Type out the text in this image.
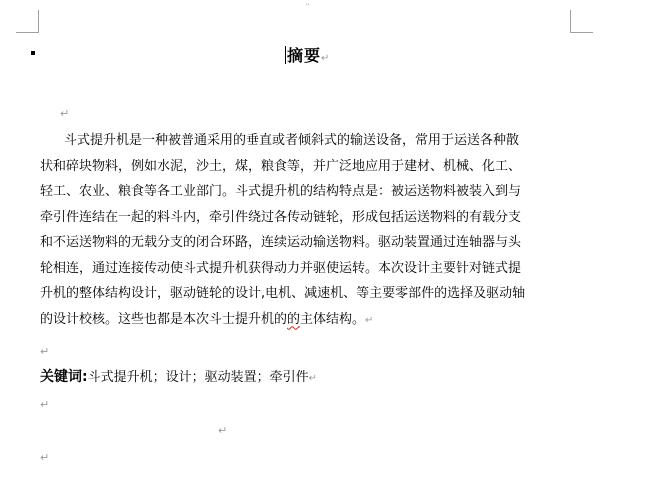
''
摘要↵
↵
斗式提升机是一种被普通采用的垂直或者倾斜式的输送设备，常用于运送各种散
状和碎块物料，例如水泥，沙土，煤，粮食等，并广泛地应用于建材、机械、化工、
轻工、农业、粮食等各工业部门。斗式提升机的结构特点是：被运送物料被装入到与
牵引件连结在一起的料斗内，牵引件绕过各传动链轮，形成包括运送物料的有载分支
和不运送物料的无载分支的闭合环路，连续运动输送物料。驱动装置通过连轴器与头
轮相连，通过连接传动使斗式提升机获得动力并驱使运转。本次设计主要针对链式提
升机的整体结构设计，驱动链轮的设计,电机、减速机、等主要零部件的选择及驱动轴
的设计校核。这些也都是本次斗士提升机的的主体结构。↵
↵
关键词:斗式提升机；设计；驱动装置；牵引件↵
↵
↵
↵
